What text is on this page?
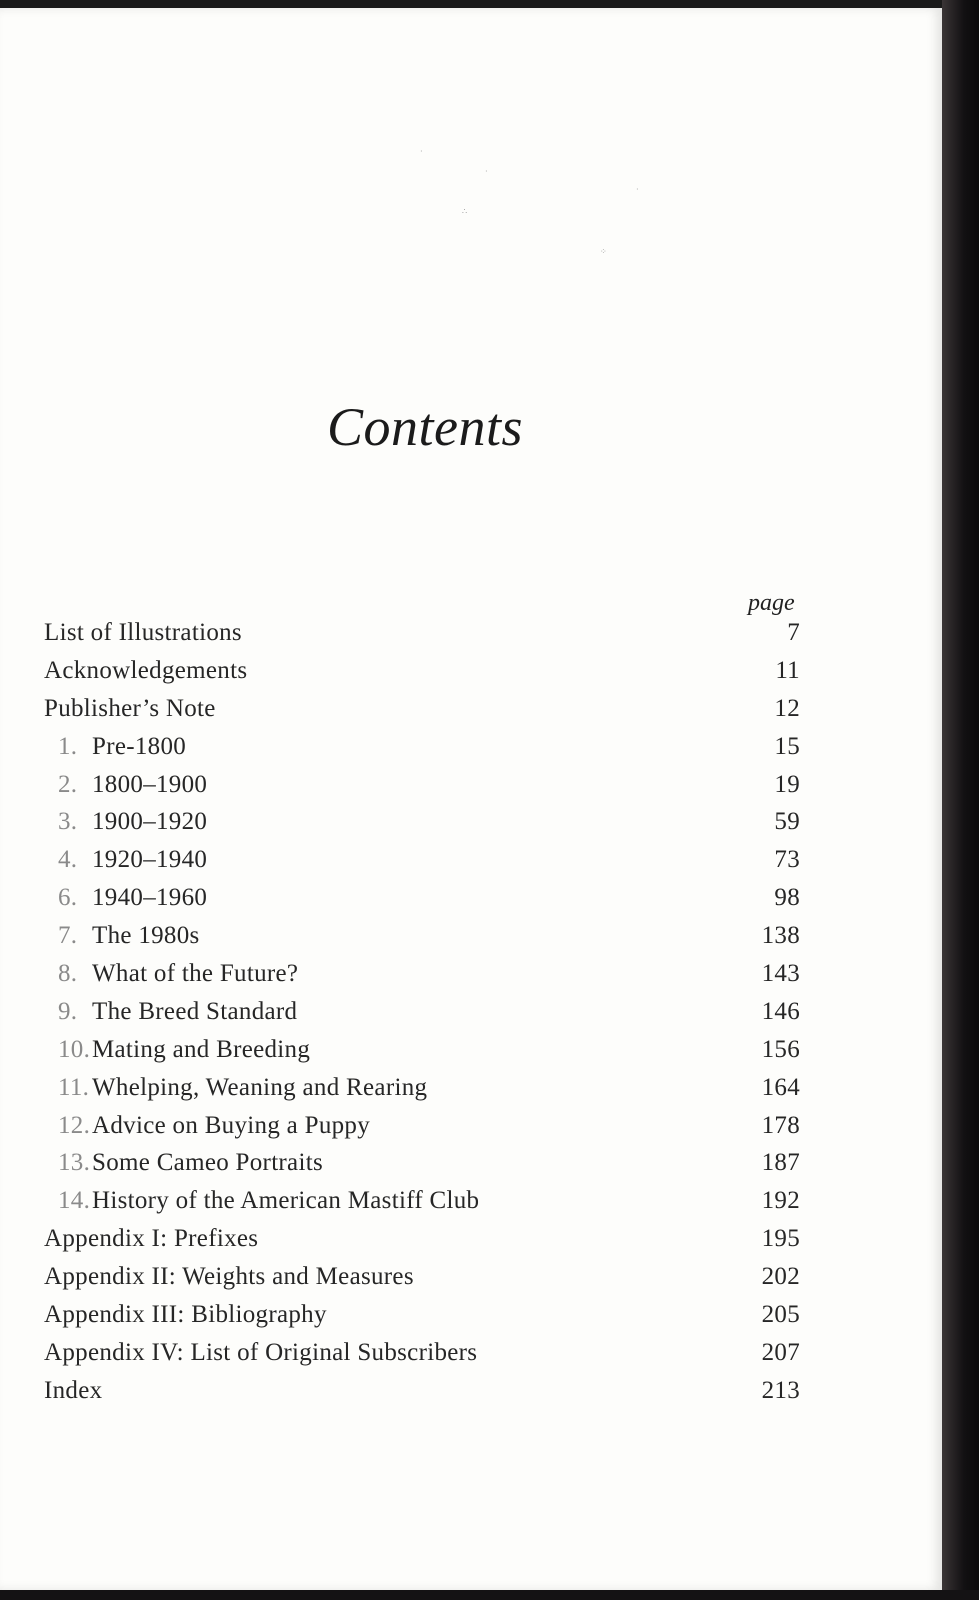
·
·
∴
⁘
·
Contents
page
List of Illustrations	7
Acknowledgements	11
Publisher’s Note	12
1. Pre-1800	15
2. 1800–1900	19
3. 1900–1920	59
4. 1920–1940	73
6. 1940–1960	98
7. The 1980s	138
8. What of the Future?	143
9. The Breed Standard	146
10.Mating and Breeding	156
11. Whelping, Weaning and Rearing	164
12.Advice on Buying a Puppy	178
13.Some Cameo Portraits	187
14.History of the American Mastiff Club	192
Appendix I: Prefixes	195
Appendix II: Weights and Measures	202
Appendix III: Bibliography	205
Appendix IV: List of Original Subscribers	207
Index	213
